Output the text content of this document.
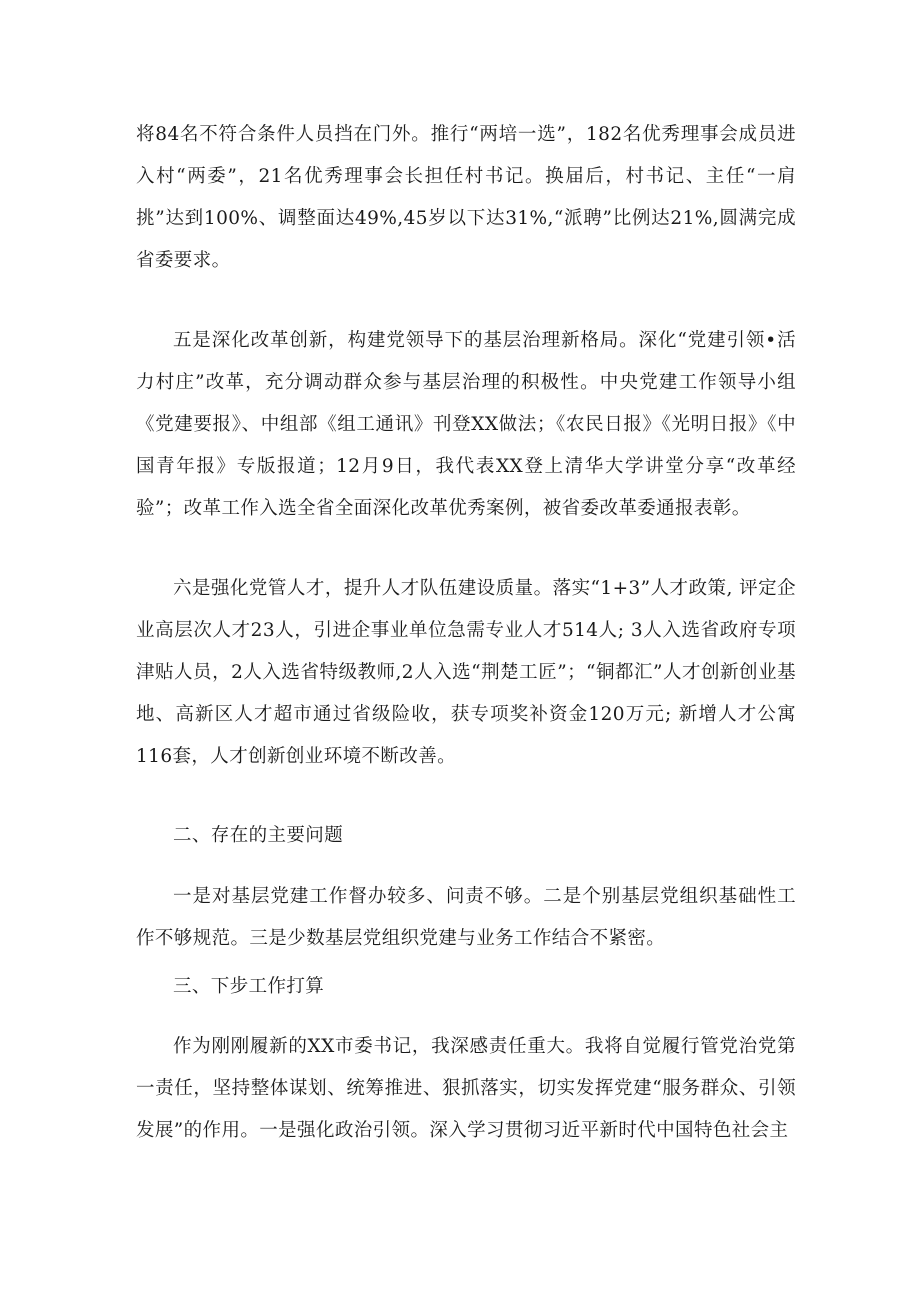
将84名不符合条件人员挡在门外。推行“两培一选”，182名优秀理事会成员进入村“两委”，21名优秀理事会长担任村书记。换届后，村书记、主任“一肩挑”达到100%、调整面达49%,45岁以下达31%,“派聘”比例达21%,圆满完成省委要求。

五是深化改革创新，构建党领导下的基层治理新格局。深化“党建引领•活力村庄”改革，充分调动群众参与基层治理的积极性。中央党建工作领导小组《党建要报》、中组部《组工通讯》刊登XX做法；《农民日报》《光明日报》《中国青年报》专版报道；12月9日，我代表XX登上清华大学讲堂分享“改革经验”；改革工作入选全省全面深化改革优秀案例，被省委改革委通报表彰。

六是强化党管人才，提升人才队伍建设质量。落实“1+3”人才政策, 评定企业高层次人才23人，引进企事业单位急需专业人才514人; 3人入选省政府专项津贴人员，2人入选省特级教师,2人入选“荆楚工匠”；“铜都汇”人才创新创业基地、高新区人才超市通过省级险收，获专项奖补资金120万元; 新增人才公寓116套，人才创新创业环境不断改善。

二、存在的主要问题

一是对基层党建工作督办较多、问责不够。二是个别基层党组织基础性工作不够规范。三是少数基层党组织党建与业务工作结合不紧密。

三、下步工作打算

作为刚刚履新的XX市委书记，我深感责任重大。我将自觉履行管党治党第一责任，坚持整体谋划、统筹推进、狠抓落实，切实发挥党建“服务群众、引领发展”的作用。一是强化政治引领。深入学习贯彻习近平新时代中国特色社会主
